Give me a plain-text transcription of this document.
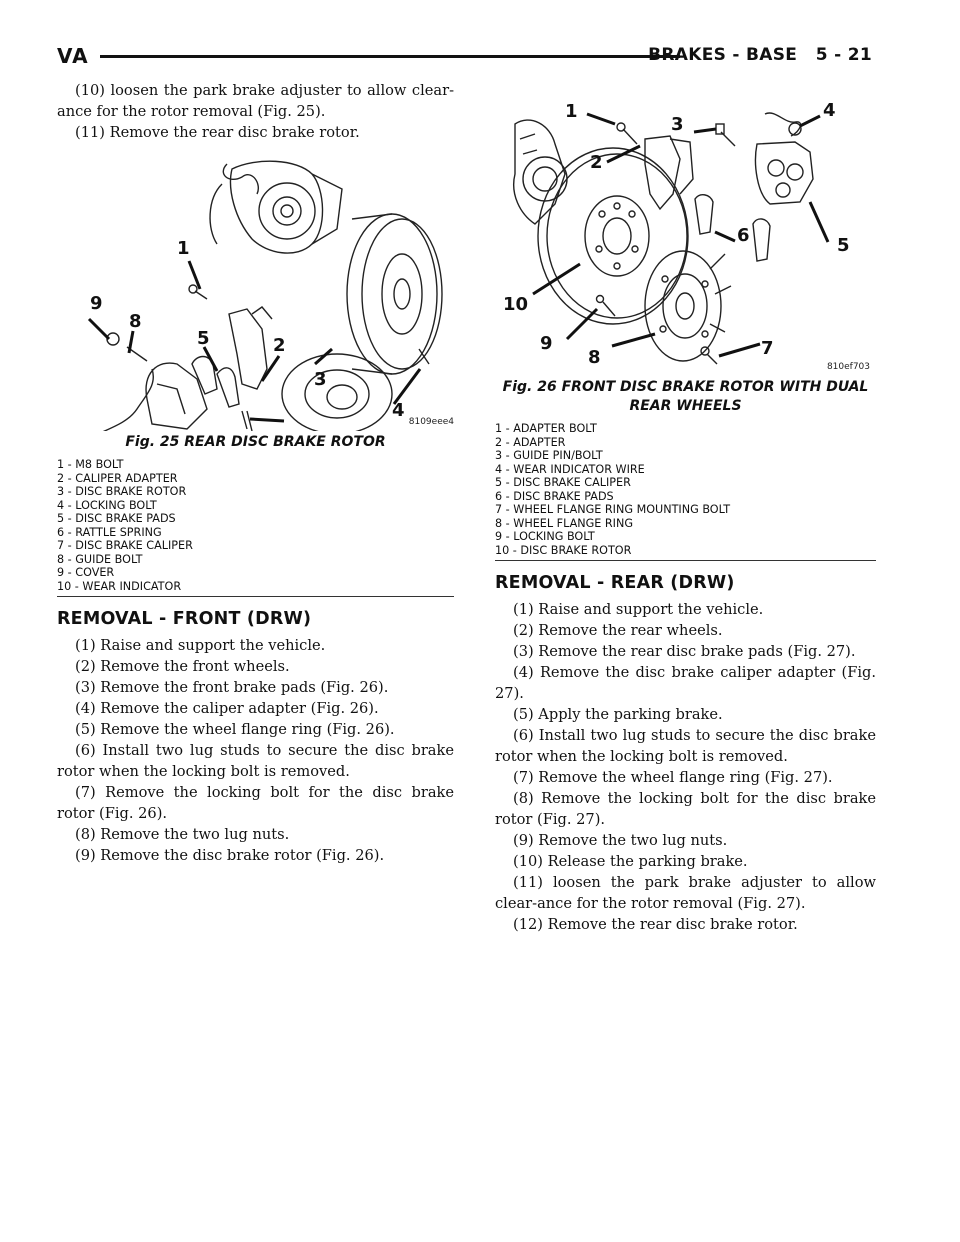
VA	BRAKES - BASE   5 - 21

(10) loosen the park brake adjuster to allow clear-ance for the rotor removal (Fig. 25).

(11) Remove the rear disc brake rotor.

1
2
3
4
5
8
9
8109eee4
Fig. 25 REAR DISC BRAKE ROTOR
1 - M8 BOLT
2 - CALIPER ADAPTER
3 - DISC BRAKE ROTOR
4 - LOCKING BOLT
5 - DISC BRAKE PADS
6 - RATTLE SPRING
7 - DISC BRAKE CALIPER
8 - GUIDE BOLT
9 - COVER
10 - WEAR INDICATOR
REMOVAL - FRONT (DRW)

(1) Raise and support the vehicle.

(2) Remove the front wheels.

(3) Remove the front brake pads (Fig. 26).

(4) Remove the caliper adapter (Fig. 26).

(5) Remove the wheel flange ring (Fig. 26).

(6) Install two lug studs to secure the disc brake rotor when the locking bolt is removed.

(7) Remove the locking bolt for the disc brake rotor (Fig. 26).

(8) Remove the two lug nuts.

(9) Remove the disc brake rotor (Fig. 26).

1
2
3
4
5
6
7
8
9
10
810ef703
Fig. 26 FRONT DISC BRAKE ROTOR WITH DUAL
REAR WHEELS
1 - ADAPTER BOLT
2 - ADAPTER
3 - GUIDE PIN/BOLT
4 - WEAR INDICATOR WIRE
5 - DISC BRAKE CALIPER
6 - DISC BRAKE PADS
7 - WHEEL FLANGE RING MOUNTING BOLT
8 - WHEEL FLANGE RING
9 - LOCKING BOLT
10 - DISC BRAKE ROTOR
REMOVAL - REAR (DRW)

(1) Raise and support the vehicle.

(2) Remove the rear wheels.

(3) Remove the rear disc brake pads (Fig. 27).

(4) Remove the disc brake caliper adapter (Fig. 27).

(5) Apply the parking brake.

(6) Install two lug studs to secure the disc brake rotor when the locking bolt is removed.

(7) Remove the wheel flange ring (Fig. 27).

(8) Remove the locking bolt for the disc brake rotor (Fig. 27).

(9) Remove the two lug nuts.

(10) Release the parking brake.

(11) loosen the park brake adjuster to allow clear-ance for the rotor removal (Fig. 27).

(12) Remove the rear disc brake rotor.
